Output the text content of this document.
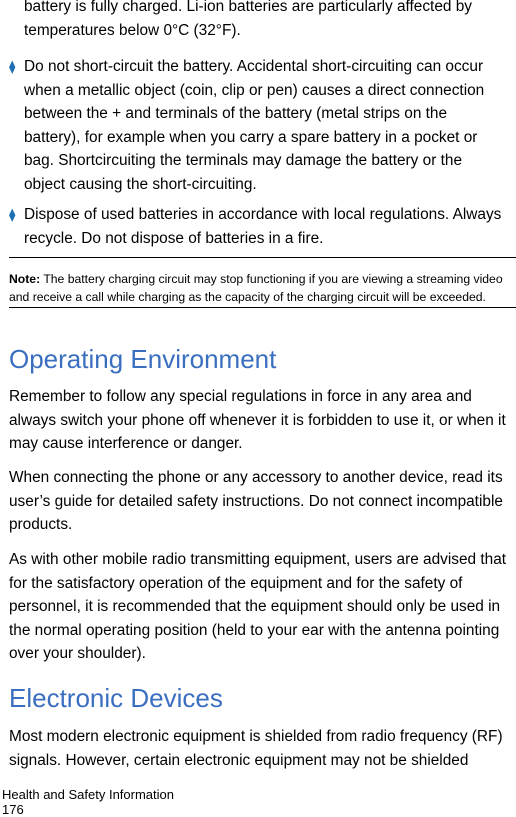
battery is fully charged. Li-ion batteries are particularly affected by temperatures below 0°C (32°F).

⧫ Do not short-circuit the battery. Accidental short-circuiting can occur when a metallic object (coin, clip or pen) causes a direct connection between the + and terminals of the battery (metal strips on the battery), for example when you carry a spare battery in a pocket or bag. Shortcircuiting the terminals may damage the battery or the object causing the short-circuiting.
⧫ Dispose of used batteries in accordance with local regulations. Always recycle. Do not dispose of batteries in a fire.

Note: The battery charging circuit may stop functioning if you are viewing a streaming video and receive a call while charging as the capacity of the charging circuit will be exceeded.

Operating Environment

Remember to follow any special regulations in force in any area and always switch your phone off whenever it is forbidden to use it, or when it may cause interference or danger.

When connecting the phone or any accessory to another device, read its user’s guide for detailed safety instructions. Do not connect incompatible products.

As with other mobile radio transmitting equipment, users are advised that for the satisfactory operation of the equipment and for the safety of personnel, it is recommended that the equipment should only be used in the normal operating position (held to your ear with the antenna pointing over your shoulder).

Electronic Devices

Most modern electronic equipment is shielded from radio frequency (RF) signals. However, certain electronic equipment may not be shielded

Health and Safety Information

176
